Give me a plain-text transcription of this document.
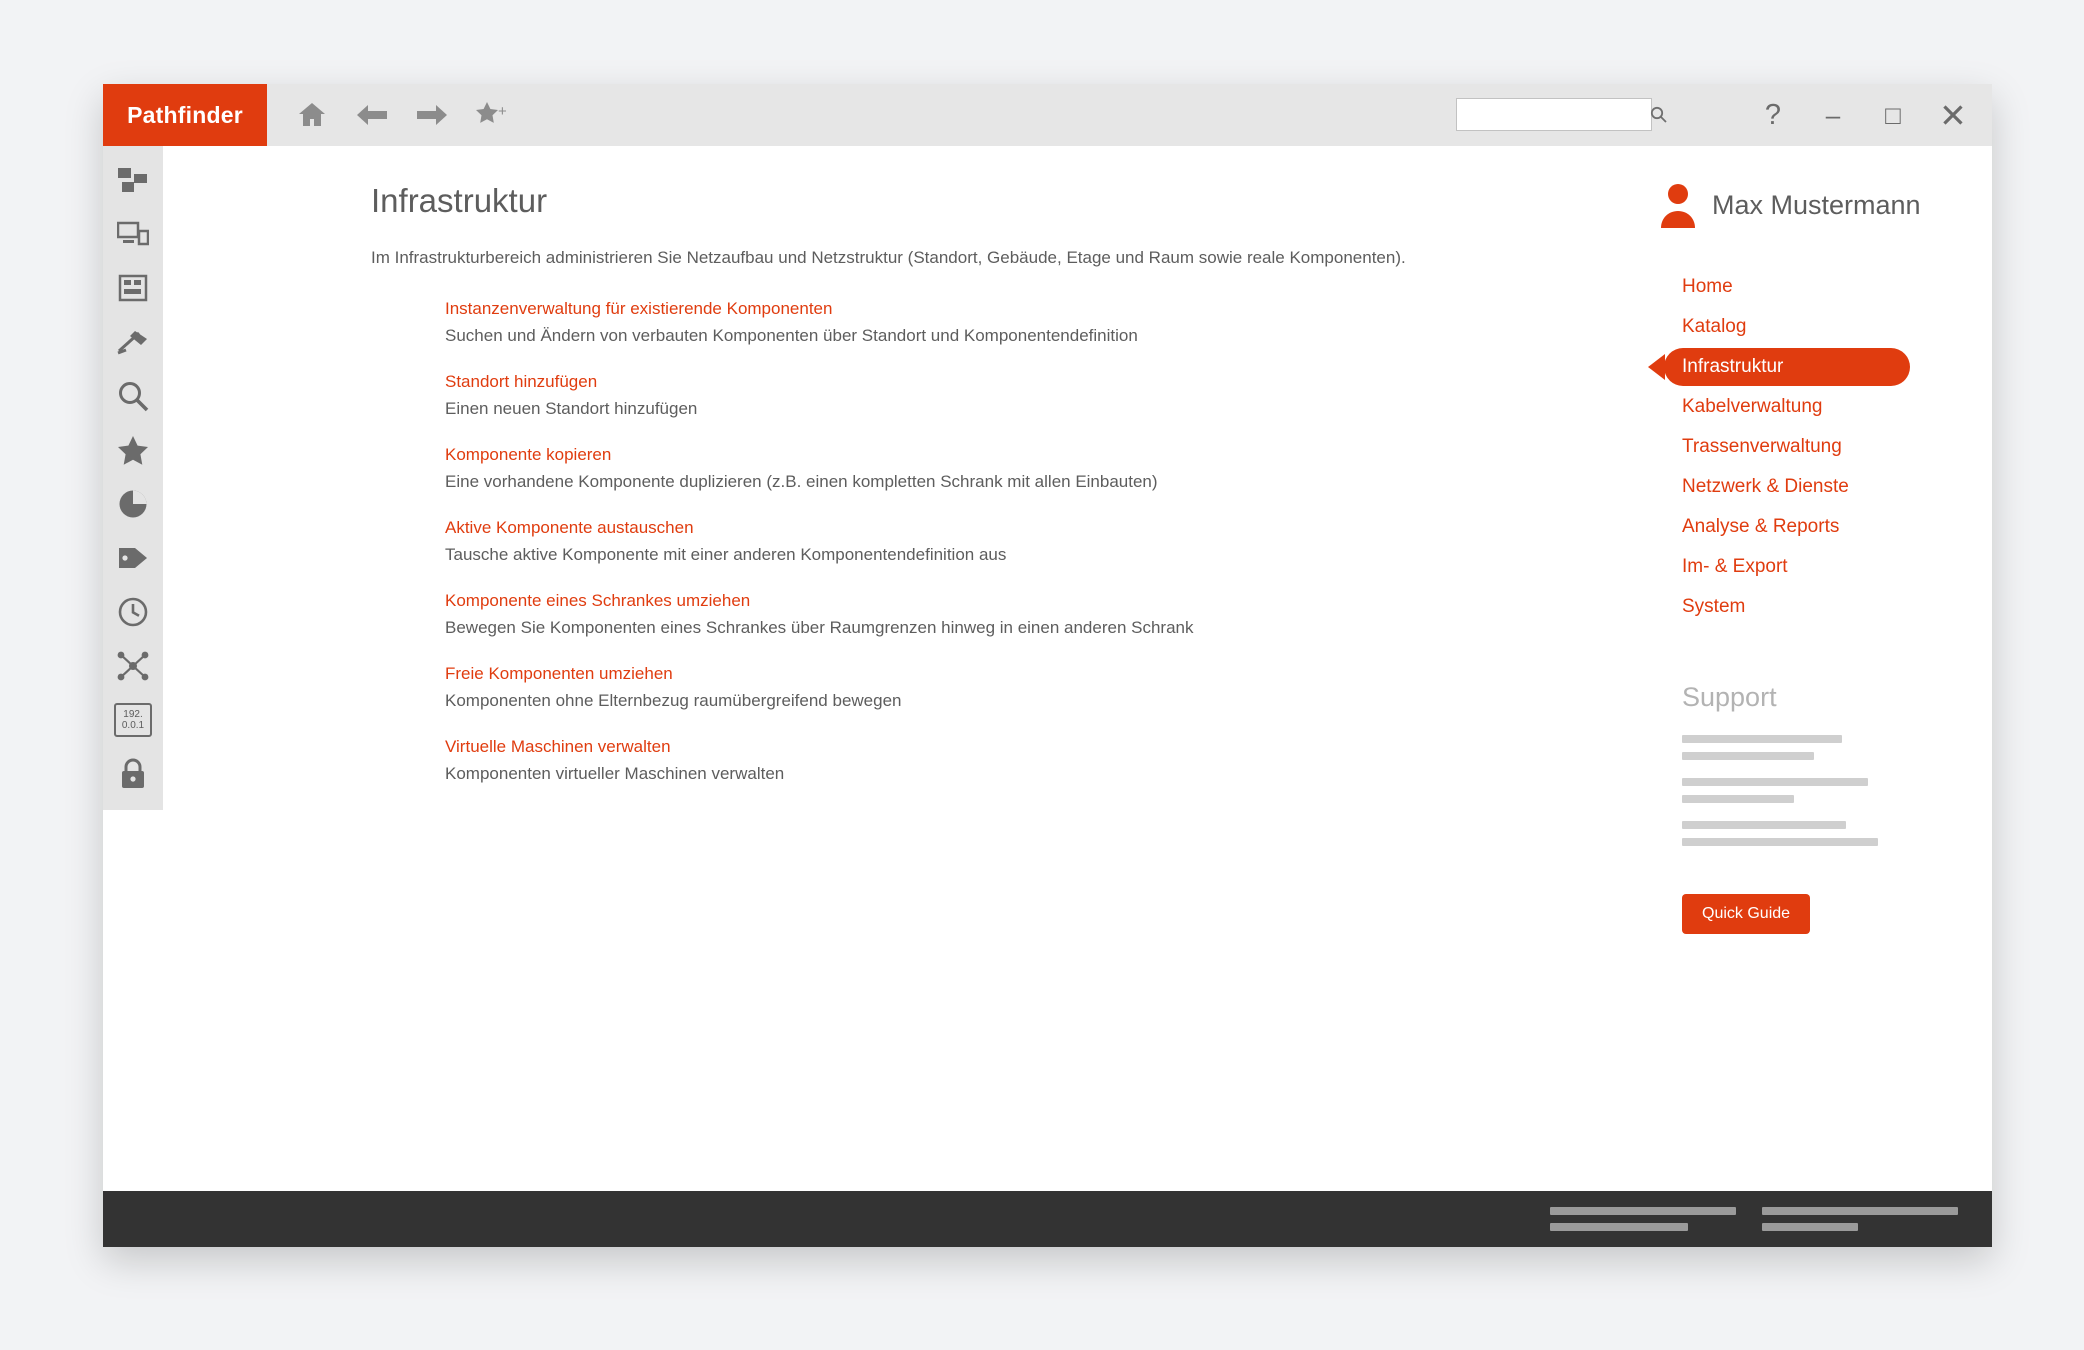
Pathfinder	+	? – □ ✕
192.
0.0.1
Infrastruktur

Im Infrastrukturbereich administrieren Sie Netzaufbau und Netzstruktur (Standort, Gebäude, Etage und Raum sowie reale Komponenten).

Instanzenverwaltung für existierende Komponenten
Suchen und Ändern von verbauten Komponenten über Standort und Komponentendefinition
Standort hinzufügen
Einen neuen Standort hinzufügen
Komponente kopieren
Eine vorhandene Komponente duplizieren (z.B. einen kompletten Schrank mit allen Einbauten)
Aktive Komponente austauschen
Tausche aktive Komponente mit einer anderen Komponentendefinition aus
Komponente eines Schrankes umziehen
Bewegen Sie Komponenten eines Schrankes über Raumgrenzen hinweg in einen anderen Schrank
Freie Komponenten umziehen
Komponenten ohne Elternbezug raumübergreifend bewegen
Virtuelle Maschinen verwalten
Komponenten virtueller Maschinen verwalten
Max Mustermann
Home
Katalog
Infrastruktur
Kabelverwaltung
Trassenverwaltung
Netzwerk & Dienste
Analyse & Reports
Im- & Export
System
Support
Quick Guide
